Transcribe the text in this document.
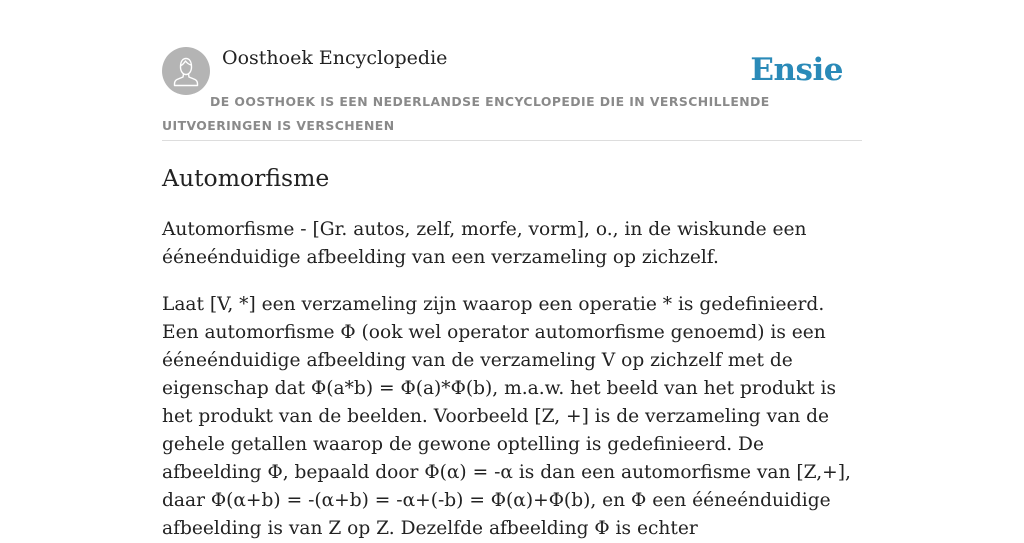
Oosthoek Encyclopedie	Ensie
DE OOSTHOEK IS EEN NEDERLANDSE ENCYCLOPEDIE DIE IN VERSCHILLENDE UITVOERINGEN IS VERSCHENEN
Automorfisme

Automorfisme - [Gr. autos, zelf, morfe, vorm], o., in de wiskunde een ééneénduidige afbeelding van een verzameling op zichzelf.

Laat [V, *] een verzameling zijn waarop een operatie * is gedefinieerd. Een automorfisme Φ (ook wel operator automorfisme genoemd) is een ééneénduidige afbeelding van de verzameling V op zichzelf met de eigenschap dat Φ(a*b) = Φ(a)*Φ(b), m.a.w. het beeld van het produkt is het produkt van de beelden. Voorbeeld [Z, +] is de verzameling van de gehele getallen waarop de gewone optelling is gedefinieerd. De afbeelding Φ, bepaald door Φ(α) = -α is dan een automorfisme van [Z,+], daar Φ(α+b) = -(α+b) = -α+(-b) = Φ(α)+Φ(b), en Φ een ééneénduidige afbeelding is van Z op Z. Dezelfde afbeelding Φ is echter
